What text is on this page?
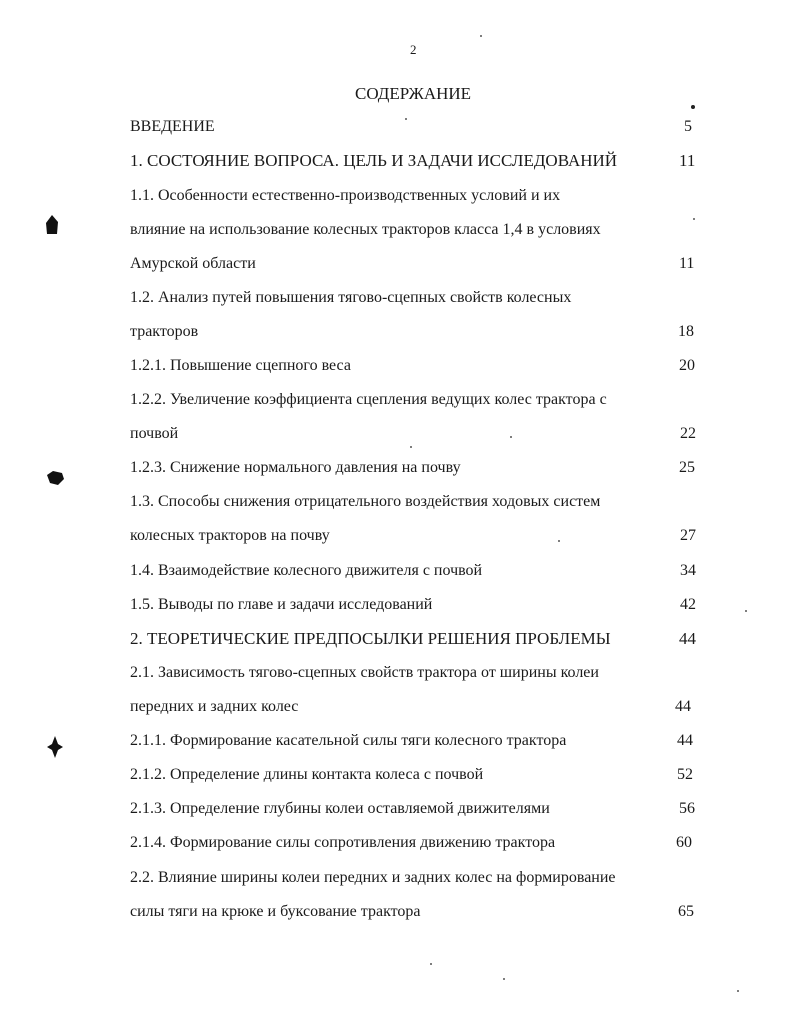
2
СОДЕРЖАНИЕ
ВВЕДЕНИЕ	5
1. СОСТОЯНИЕ ВОПРОСА. ЦЕЛЬ И ЗАДАЧИ ИССЛЕДОВАНИЙ	11
1.1. Особенности естественно-производственных условий и их
влияние на использование колесных тракторов класса 1,4 в условиях
Амурской области	11
1.2. Анализ путей повышения тягово-сцепных свойств колесных
тракторов	18
1.2.1. Повышение сцепного веса	20
1.2.2. Увеличение коэффициента сцепления ведущих колес трактора с
почвой	22
1.2.3. Снижение нормального давления на почву	25
1.3. Способы снижения отрицательного воздействия ходовых систем
колесных тракторов на почву	27
1.4. Взаимодействие колесного движителя с почвой	34
1.5. Выводы по главе и задачи исследований	42
2. ТЕОРЕТИЧЕСКИЕ ПРЕДПОСЫЛКИ РЕШЕНИЯ ПРОБЛЕМЫ	44
2.1. Зависимость тягово-сцепных свойств трактора от ширины колеи
передних и задних колес	44
2.1.1. Формирование касательной силы тяги колесного трактора	44
2.1.2. Определение длины контакта колеса с почвой	52
2.1.3. Определение глубины колеи оставляемой движителями	56
2.1.4. Формирование силы сопротивления движению трактора	60
2.2. Влияние ширины колеи передних и задних колес на формирование
силы тяги на крюке и буксование трактора	65
